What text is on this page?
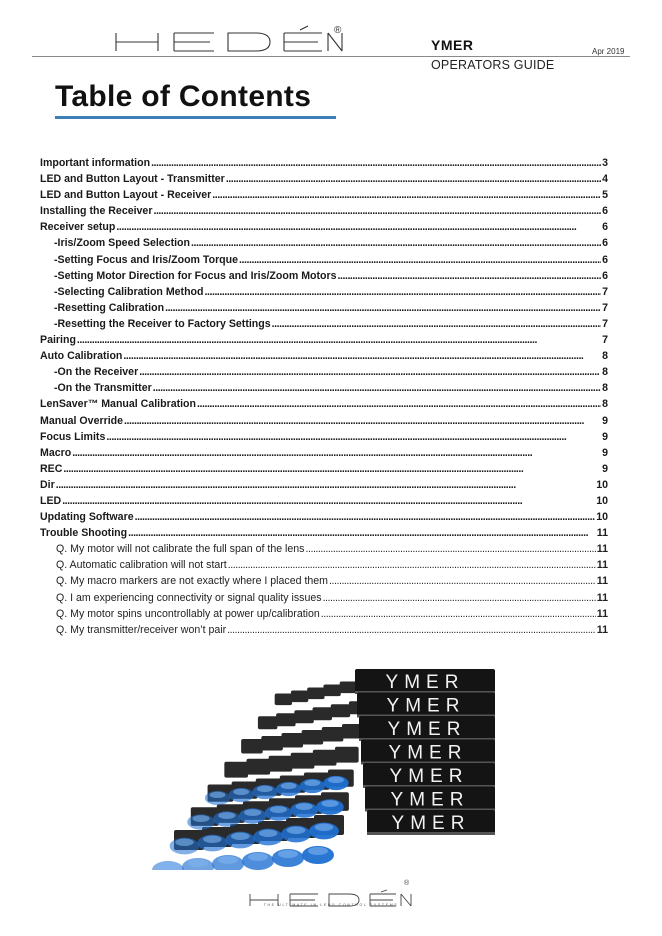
®
YMER
OPERATORS GUIDE
Apr 2019
Table of Contents
Important information . . .	3
LED and Button Layout - Transmitter . . .	4
LED and Button Layout - Receiver . . .	5
Installing the Receiver . . .	6
Receiver setup . . .	6
-Iris/Zoom Speed Selection . . .	6
-Setting Focus and Iris/Zoom Torque . . .	6
-Setting Motor Direction for Focus and Iris/Zoom Motors . . .	6
-Selecting Calibration Method . . .	7
-Resetting Calibration . . .	7
-Resetting the Receiver to Factory Settings . . .	7
Pairing . . .	7
Auto Calibration . . .	8
-On the Receiver . . .	8
-On the Transmitter . . .	8
LenSaver™ Manual Calibration . . .	8
Manual Override . . .	9
Focus Limits . . .	9
Macro . . .	9
REC . . .	9
Dir . . .	10
LED . . .	10
Updating Software . . .	10
Trouble Shooting . . .	11
Q. My motor will not calibrate the full span of the lens . . .	11
Q. Automatic calibration will not start . . .	11
Q. My macro markers are not exactly where I placed them . . .	11
Q. I am experiencing connectivity or signal quality issues . . .	11
Q. My motor spins uncontrollably at power up/calibration . . .	11
Q. My transmitter/receiver won’t pair . . .	11
YMER
YMER
YMER
YMER
YMER
YMER
YMER
®
THE ULTIMATE IN LENS CONTROL SYSTEMS
